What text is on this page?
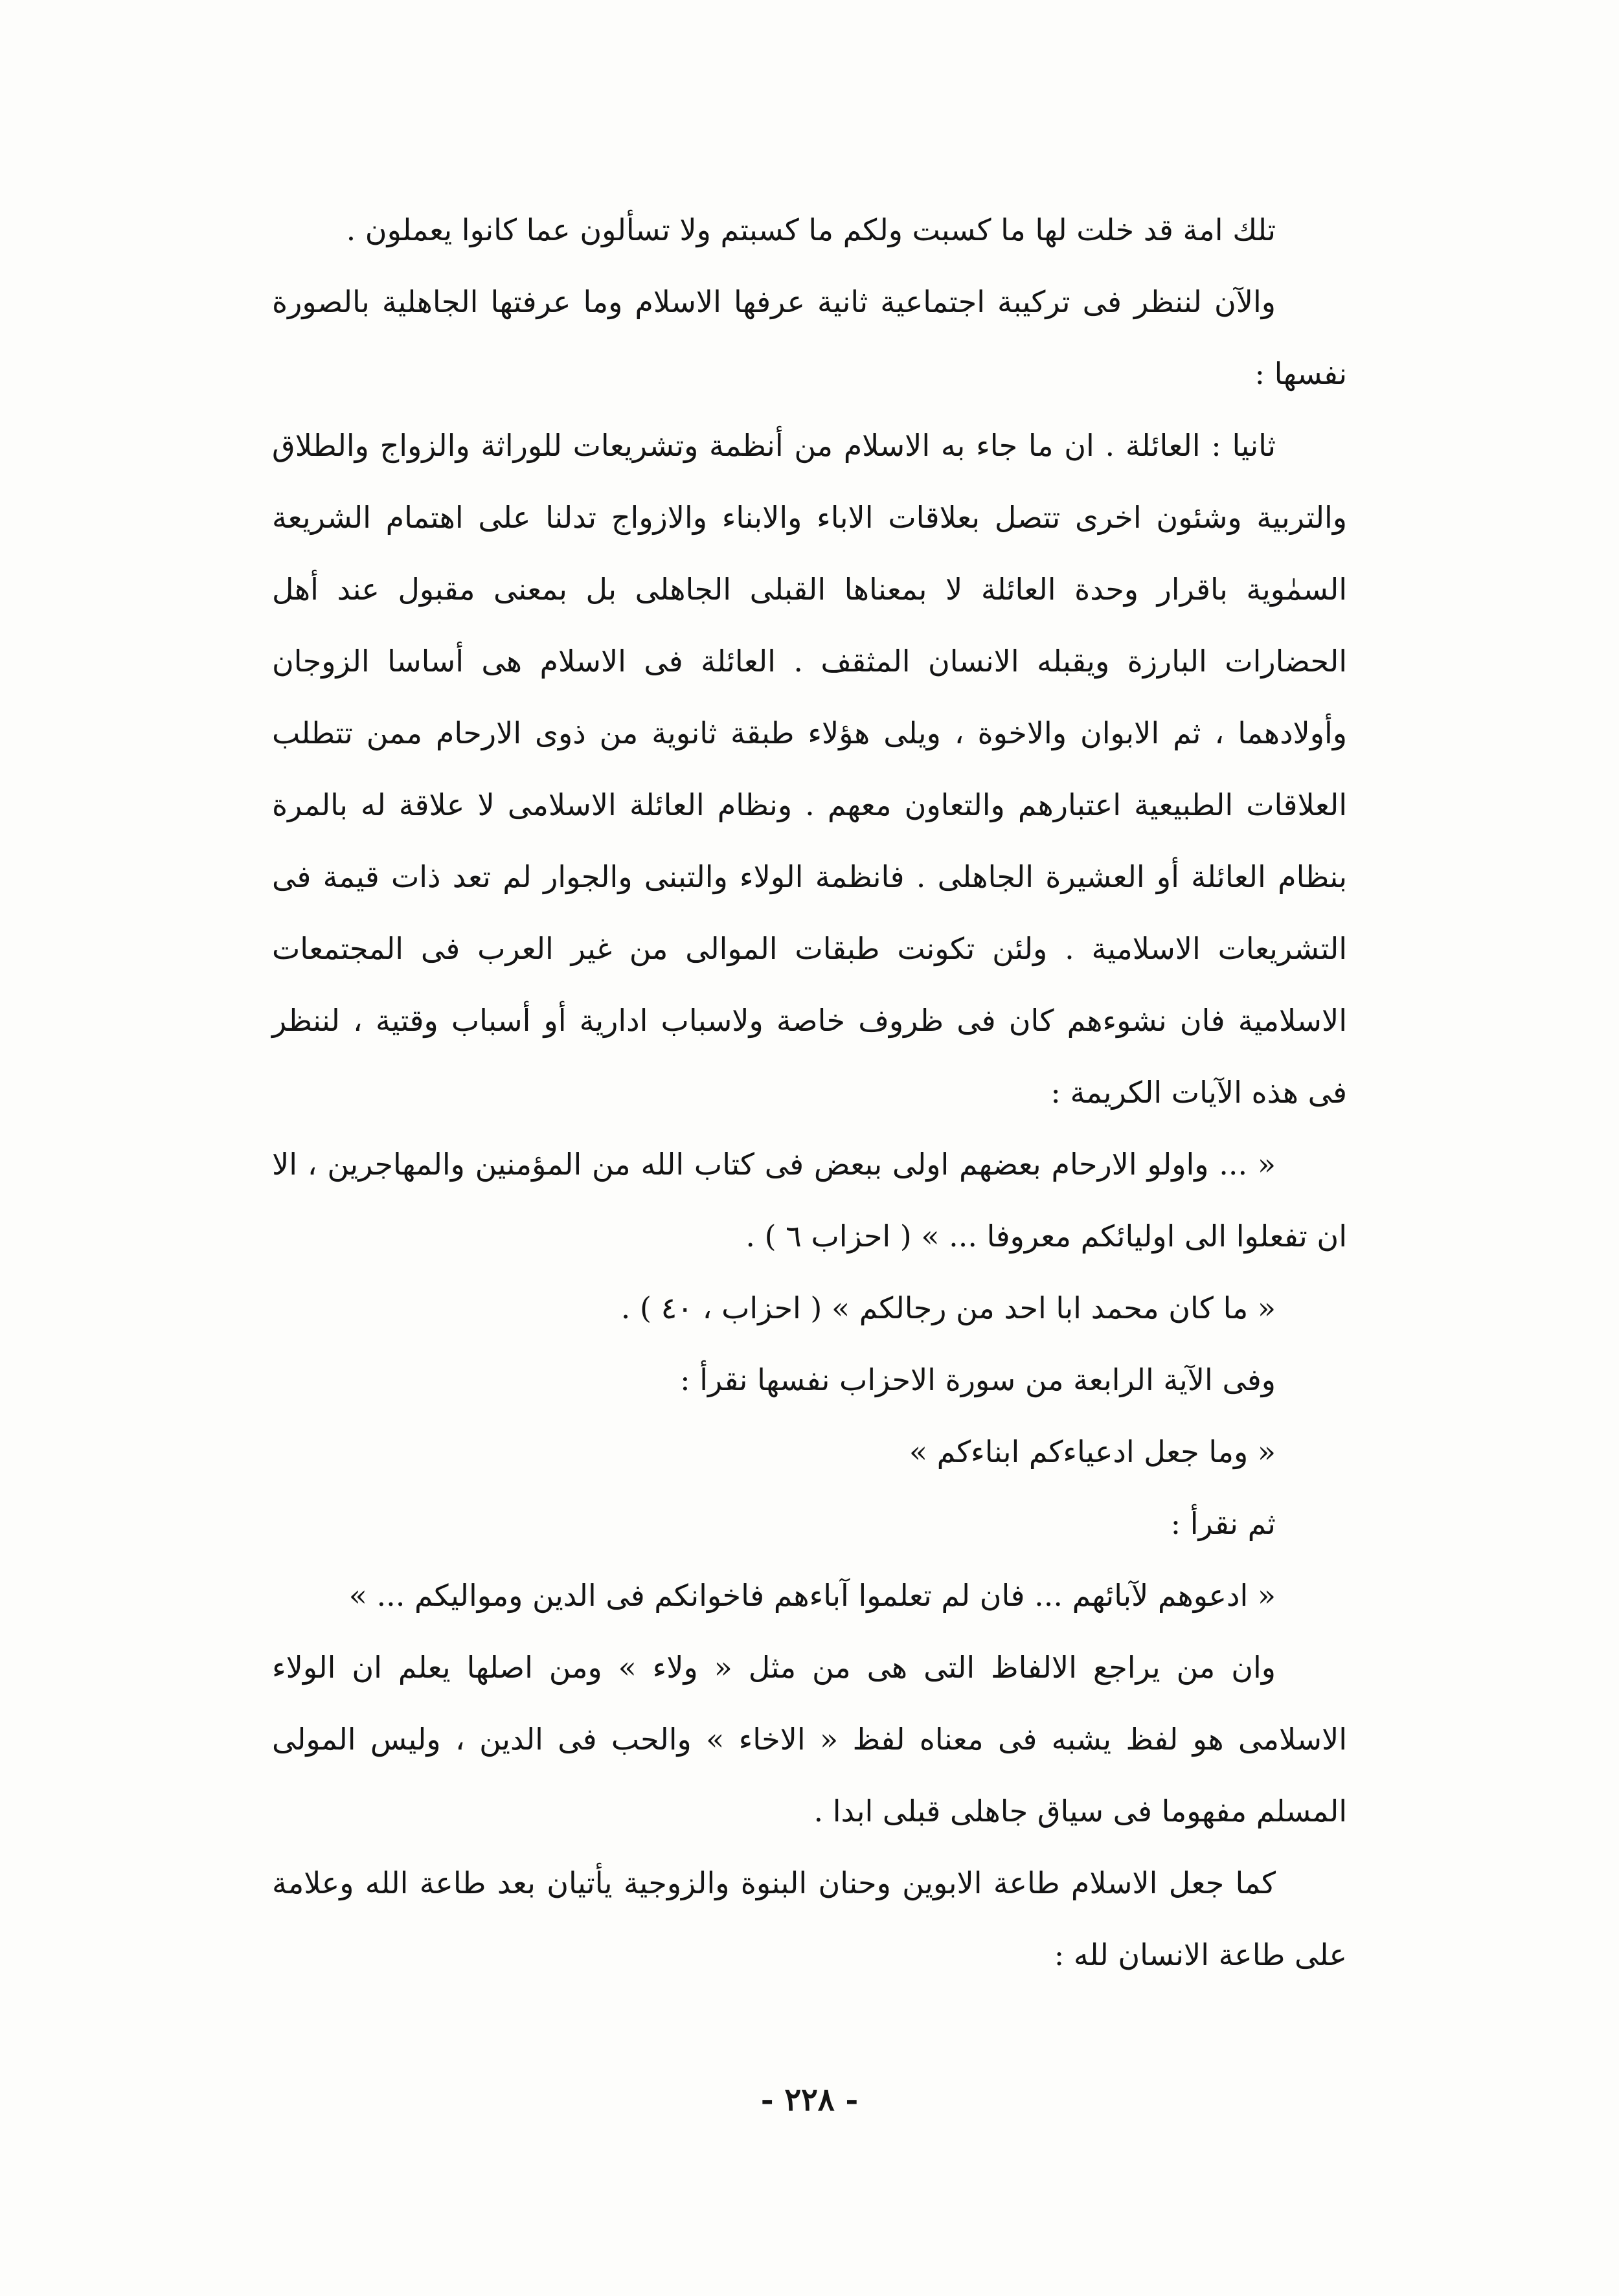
تلك امة قد خلت لها ما كسبت ولكم ما كسبتم ولا تسألون عما كانوا يعملون .

والآن لننظر فى تركيبة اجتماعية ثانية عرفها الاسلام وما عرفتها الجاهلية بالصورة نفسها :

ثانيا : العائلة . ان ما جاء به الاسلام من أنظمة وتشريعات للوراثة والزواج والطلاق والتربية وشئون اخرى تتصل بعلاقات الاباء والابناء والازواج تدلنا على اهتمام الشريعة السمٰوية باقرار وحدة العائلة لا بمعناها القبلى الجاهلى بل بمعنى مقبول عند أهل الحضارات البارزة ويقبله الانسان المثقف . العائلة فى الاسلام هى أساسا الزوجان وأولادهما ، ثم الابوان والاخوة ، ويلى هؤلاء طبقة ثانوية من ذوى الارحام ممن تتطلب العلاقات الطبيعية اعتبارهم والتعاون معهم . ونظام العائلة الاسلامى لا علاقة له بالمرة بنظام العائلة أو العشيرة الجاهلى . فانظمة الولاء والتبنى والجوار لم تعد ذات قيمة فى التشريعات الاسلامية . ولئن تكونت طبقات الموالى من غير العرب فى المجتمعات الاسلامية فان نشوءهم كان فى ظروف خاصة ولاسباب ادارية أو أسباب وقتية ، لننظر فى هذه الآيات الكريمة :

« ... واولو الارحام بعضهم اولى ببعض فى كتاب الله من المؤمنين والمهاجرين ، الا ان تفعلوا الى اوليائكم معروفا ... » ( احزاب ٦ ) .

« ما كان محمد ابا احد من رجالكم » ( احزاب ، ٤٠ ) .

وفى الآية الرابعة من سورة الاحزاب نفسها نقرأ :

« وما جعل ادعياءكم ابناءكم »

ثم نقرأ :

« ادعوهم لآبائهم ... فان لم تعلموا آباءهم فاخوانكم فى الدين ومواليكم ... »

وان من يراجع الالفاظ التى هى من مثل « ولاء » ومن اصلها يعلم ان الولاء الاسلامى هو لفظ يشبه فى معناه لفظ « الاخاء » والحب فى الدين ، وليس المولى المسلم مفهوما فى سياق جاهلى قبلى ابدا .

كما جعل الاسلام طاعة الابوين وحنان البنوة والزوجية يأتيان بعد طاعة الله وعلامة على طاعة الانسان لله :

- ٢٢٨ -
